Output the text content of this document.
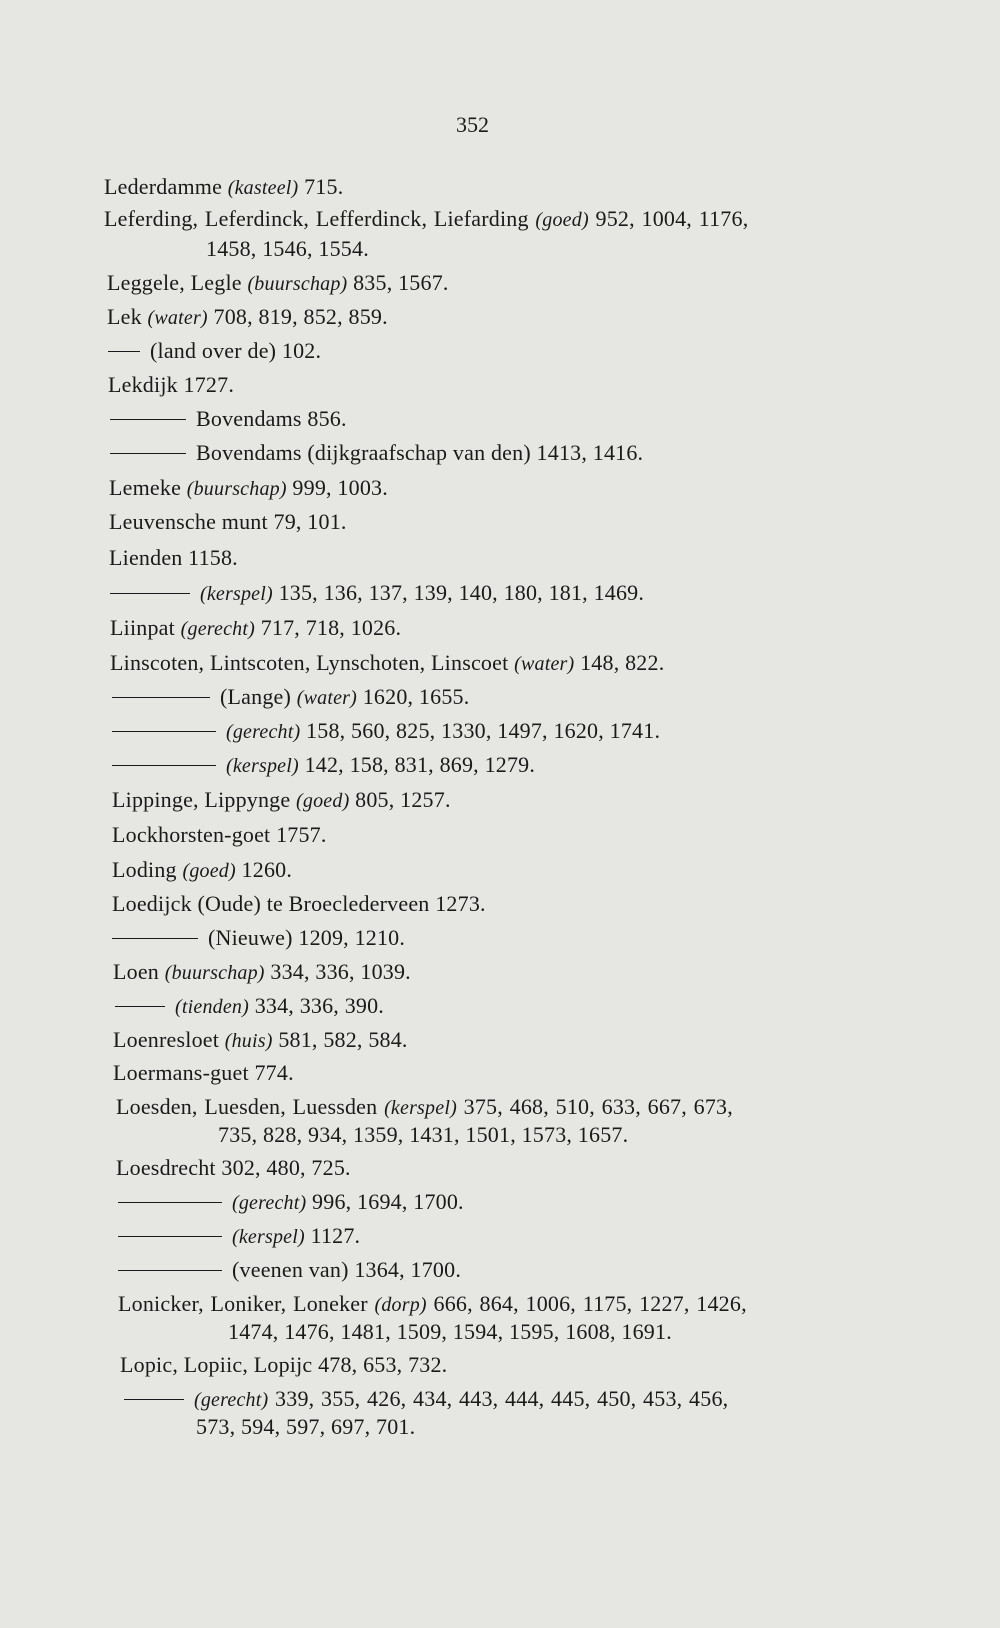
352
Lederdamme (kasteel) 715.
Leferding, Leferdinck, Lefferdinck, Liefarding (goed) 952, 1004, 1176,
1458, 1546, 1554.
Leggele, Legle (buurschap) 835, 1567.
Lek (water) 708, 819, 852, 859.
(land over de) 102.
Lekdijk 1727.
Bovendams 856.
Bovendams (dijkgraafschap van den) 1413, 1416.
Lemeke (buurschap) 999, 1003.
Leuvensche munt 79, 101.
Lienden 1158.
(kerspel) 135, 136, 137, 139, 140, 180, 181, 1469.
Liinpat (gerecht) 717, 718, 1026.
Linscoten, Lintscoten, Lynschoten, Linscoet (water) 148, 822.
(Lange) (water) 1620, 1655.
(gerecht) 158, 560, 825, 1330, 1497, 1620, 1741.
(kerspel) 142, 158, 831, 869, 1279.
Lippinge, Lippynge (goed) 805, 1257.
Lockhorsten-goet 1757.
Loding (goed) 1260.
Loedijck (Oude) te Broeclederveen 1273.
(Nieuwe) 1209, 1210.
Loen (buurschap) 334, 336, 1039.
(tienden) 334, 336, 390.
Loenresloet (huis) 581, 582, 584.
Loermans-guet 774.
Loesden, Luesden, Luessden (kerspel) 375, 468, 510, 633, 667, 673,
735, 828, 934, 1359, 1431, 1501, 1573, 1657.
Loesdrecht 302, 480, 725.
(gerecht) 996, 1694, 1700.
(kerspel) 1127.
(veenen van) 1364, 1700.
Lonicker, Loniker, Loneker (dorp) 666, 864, 1006, 1175, 1227, 1426,
1474, 1476, 1481, 1509, 1594, 1595, 1608, 1691.
Lopic, Lopiic, Lopijc 478, 653, 732.
(gerecht) 339, 355, 426, 434, 443, 444, 445, 450, 453, 456,
573, 594, 597, 697, 701.
